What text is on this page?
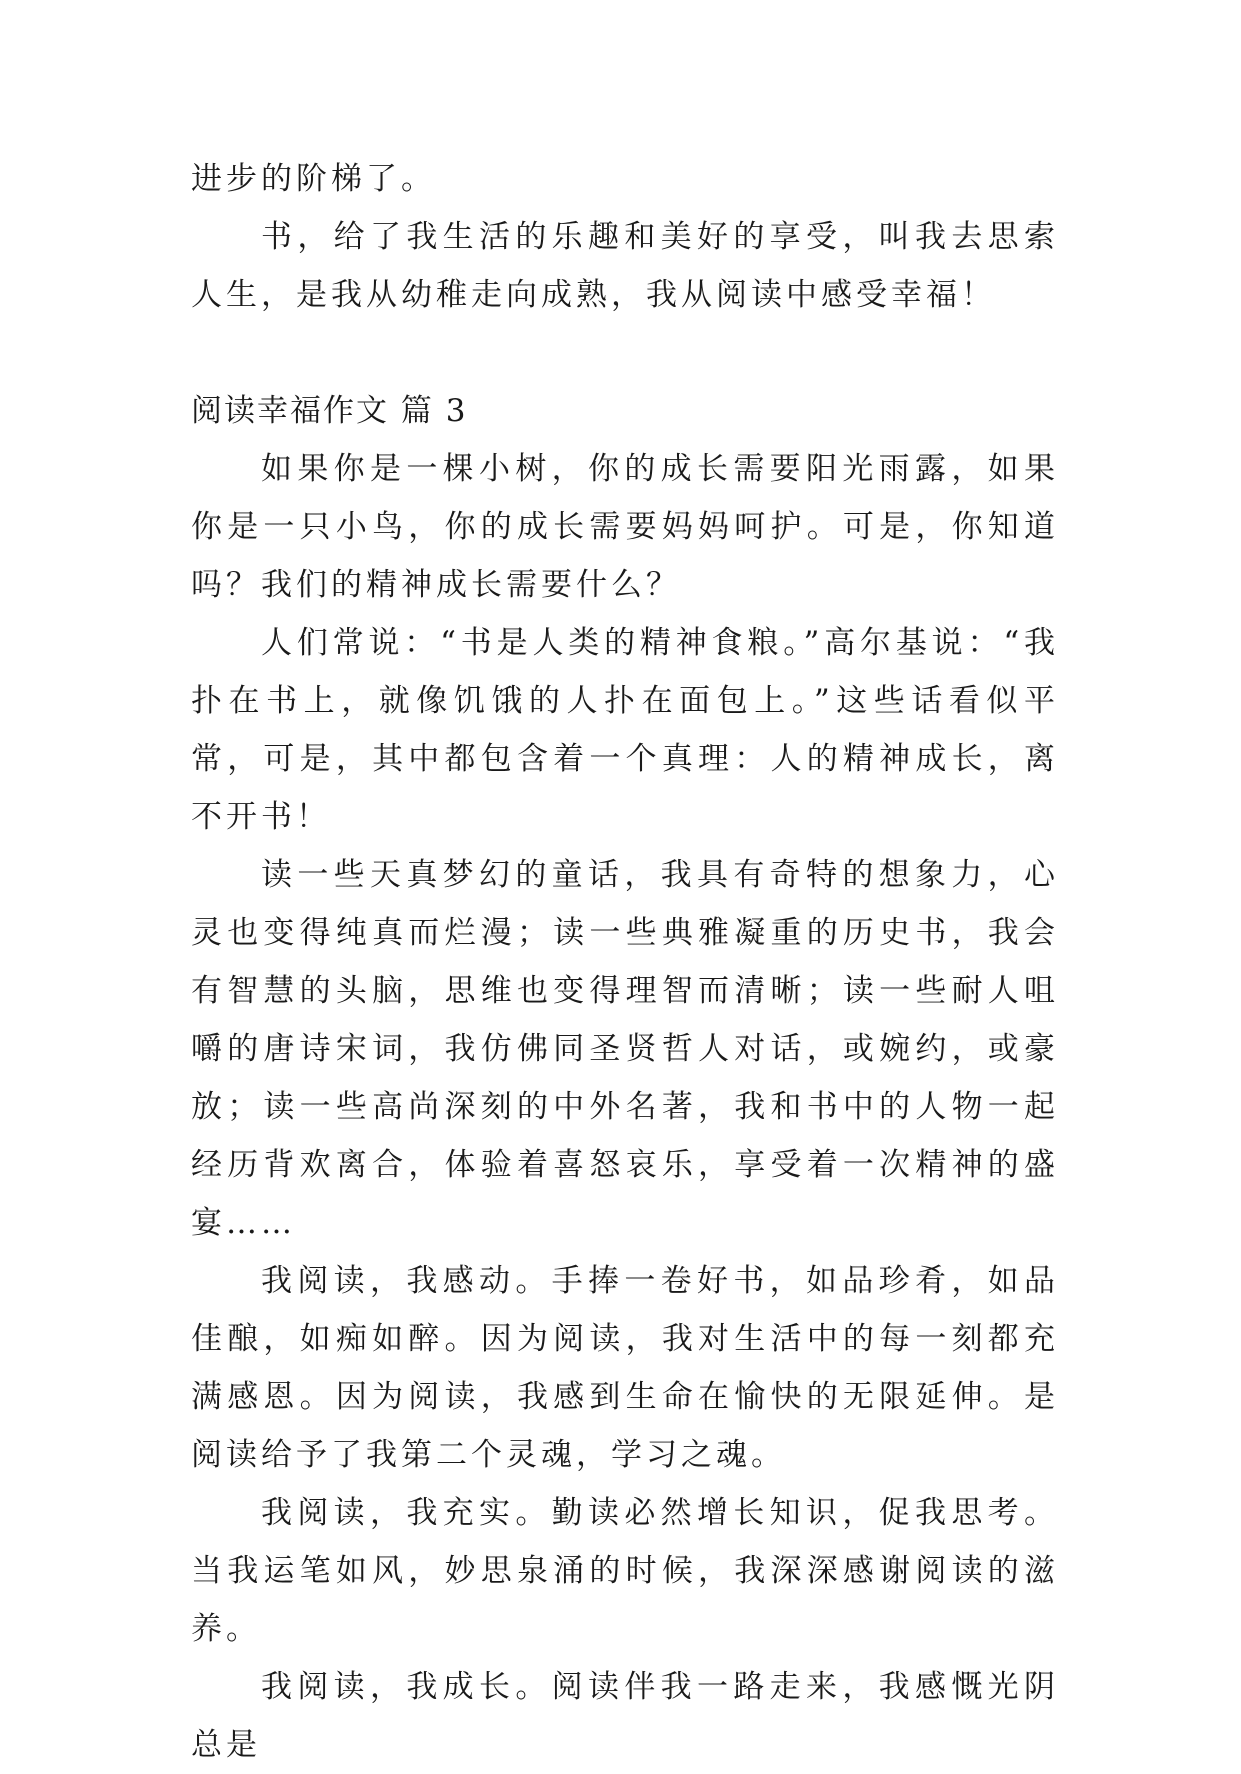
进步的阶梯了。

书，给了我生活的乐趣和美好的享受，叫我去思索人生，是我从幼稚走向成熟，我从阅读中感受幸福！

阅读幸福作文 篇 3

如果你是一棵小树，你的成长需要阳光雨露，如果你是一只小鸟，你的成长需要妈妈呵护。可是，你知道吗？我们的精神成长需要什么？

人们常说：“书是人类的精神食粮。”高尔基说：“我扑在书上，就像饥饿的人扑在面包上。”这些话看似平常，可是，其中都包含着一个真理：人的精神成长，离不开书！

读一些天真梦幻的童话，我具有奇特的想象力，心灵也变得纯真而烂漫；读一些典雅凝重的历史书，我会有智慧的头脑，思维也变得理智而清晰；读一些耐人咀嚼的唐诗宋词，我仿佛同圣贤哲人对话，或婉约，或豪放；读一些高尚深刻的中外名著，我和书中的人物一起经历背欢离合，体验着喜怒哀乐，享受着一次精神的盛宴……

我阅读，我感动。手捧一卷好书，如品珍肴，如品佳酿，如痴如醉。因为阅读，我对生活中的每一刻都充满感恩。因为阅读，我感到生命在愉快的无限延伸。是阅读给予了我第二个灵魂，学习之魂。

我阅读，我充实。勤读必然增长知识，促我思考。当我运笔如风，妙思泉涌的时候，我深深感谢阅读的滋养。

我阅读，我成长。阅读伴我一路走来，我感慨光阴总是
